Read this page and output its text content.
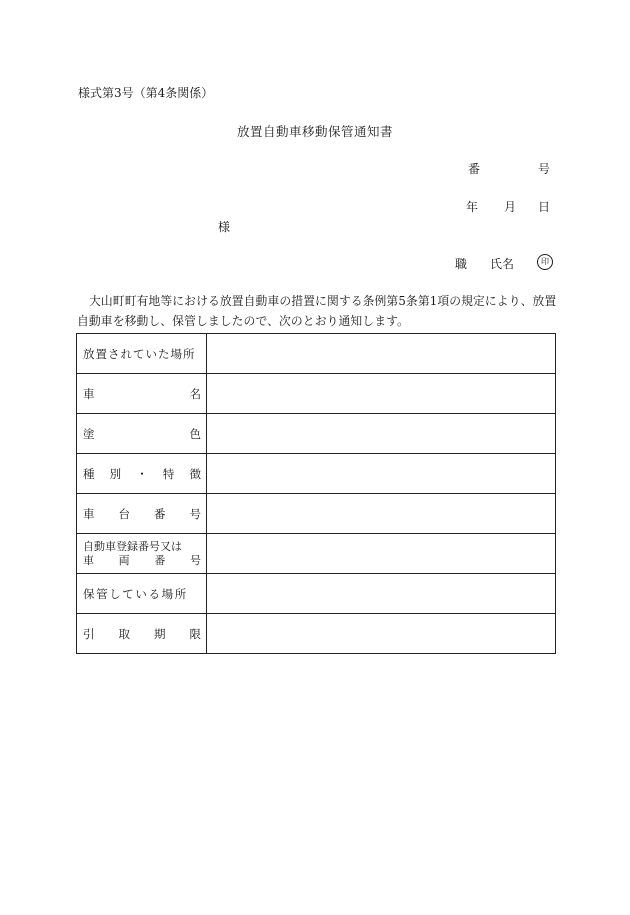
様式第3号（第4条関係）
放置自動車移動保管通知書
番	号
年 月 日
様
職 氏名	印
大山町町有地等における放置自動車の措置に関する条例第5条第1項の規定により、放置自動車を移動し、保管しましたので、次のとおり通知します。
放置されていた場所	

車 名	

塗 色	

種 別 ・ 特 徴	

車 台 番 号	

自動車登録番号又は
車 両 番 号	

保管している場所	

引 取 期 限	
